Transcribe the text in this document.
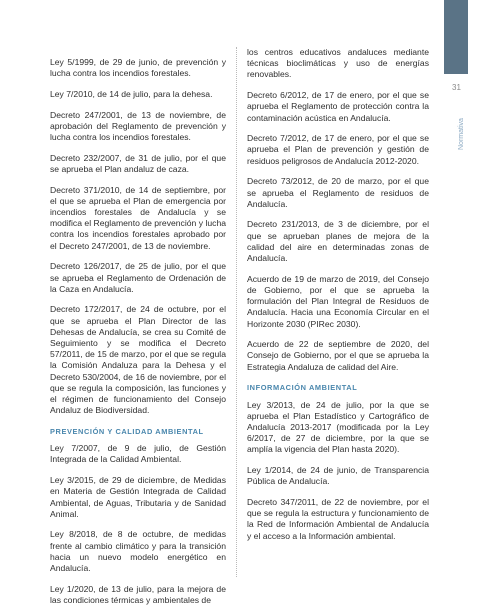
31
Normativa

Ley 5/1999, de 29 de junio, de prevención y lucha contra los incendios forestales.

Ley 7/2010, de 14 de julio, para la dehesa.

Decreto 247/2001, de 13 de noviembre, de aprobación del Reglamento de prevención y lucha contra los incendios forestales.

Decreto 232/2007, de 31 de julio, por el que se aprueba el Plan andaluz de caza.

Decreto 371/2010, de 14 de septiembre, por el que se aprueba el Plan de emergencia por incendios forestales de Andalucía y se modifica el Reglamento de prevención y lucha contra los incendios forestales aprobado por el Decreto 247/2001, de 13 de noviembre.

Decreto 126/2017, de 25 de julio, por el que se aprueba el Reglamento de Ordenación de la Caza en Andalucía.

Decreto 172/2017, de 24 de octubre, por el que se aprueba el Plan Director de las Dehesas de Andalucía, se crea su Comité de Seguimiento y se modifica el Decreto 57/2011, de 15 de marzo, por el que se regula la Comisión Andaluza para la Dehesa y el Decreto 530/2004, de 16 de noviembre, por el que se regula la composición, las funciones y el régimen de funcionamiento del Consejo Andaluz de Biodiversidad.

PREVENCIÓN Y CALIDAD AMBIENTAL

Ley 7/2007, de 9 de julio, de Gestión Integrada de la Calidad Ambiental.

Ley 3/2015, de 29 de diciembre, de Medidas en Materia de Gestión Integrada de Calidad Ambiental, de Aguas, Tributaria y de Sanidad Animal.

Ley 8/2018, de 8 de octubre, de medidas frente al cambio climático y para la transición hacia un nuevo modelo energético en Andalucía.

Ley 1/2020, de 13 de julio, para la mejora de las condiciones térmicas y ambientales de

los centros educativos andaluces mediante técnicas bioclimáticas y uso de energías renovables.

Decreto 6/2012, de 17 de enero, por el que se aprueba el Reglamento de protección contra la contaminación acústica en Andalucía.

Decreto 7/2012, de 17 de enero, por el que se aprueba el Plan de prevención y gestión de residuos peligrosos de Andalucía 2012-2020.

Decreto 73/2012, de 20 de marzo, por el que se aprueba el Reglamento de residuos de Andalucía.

Decreto 231/2013, de 3 de diciembre, por el que se aprueban planes de mejora de la calidad del aire en determinadas zonas de Andalucía.

Acuerdo de 19 de marzo de 2019, del Consejo de Gobierno, por el que se aprueba la formulación del Plan Integral de Residuos de Andalucía. Hacia una Economía Circular en el Horizonte 2030 (PIRec 2030).

Acuerdo de 22 de septiembre de 2020, del Consejo de Gobierno, por el que se aprueba la Estrategia Andaluza de calidad del Aire.

INFORMACIÓN AMBIENTAL

Ley 3/2013, de 24 de julio, por la que se aprueba el Plan Estadístico y Cartográfico de Andalucía 2013-2017 (modificada por la Ley 6/2017, de 27 de diciembre, por la que se amplía la vigencia del Plan hasta 2020).

Ley 1/2014, de 24 de junio, de Transparencia Pública de Andalucía.

Decreto 347/2011, de 22 de noviembre, por el que se regula la estructura y funcionamiento de la Red de Información Ambiental de Andalucía y el acceso a la Información ambiental.
